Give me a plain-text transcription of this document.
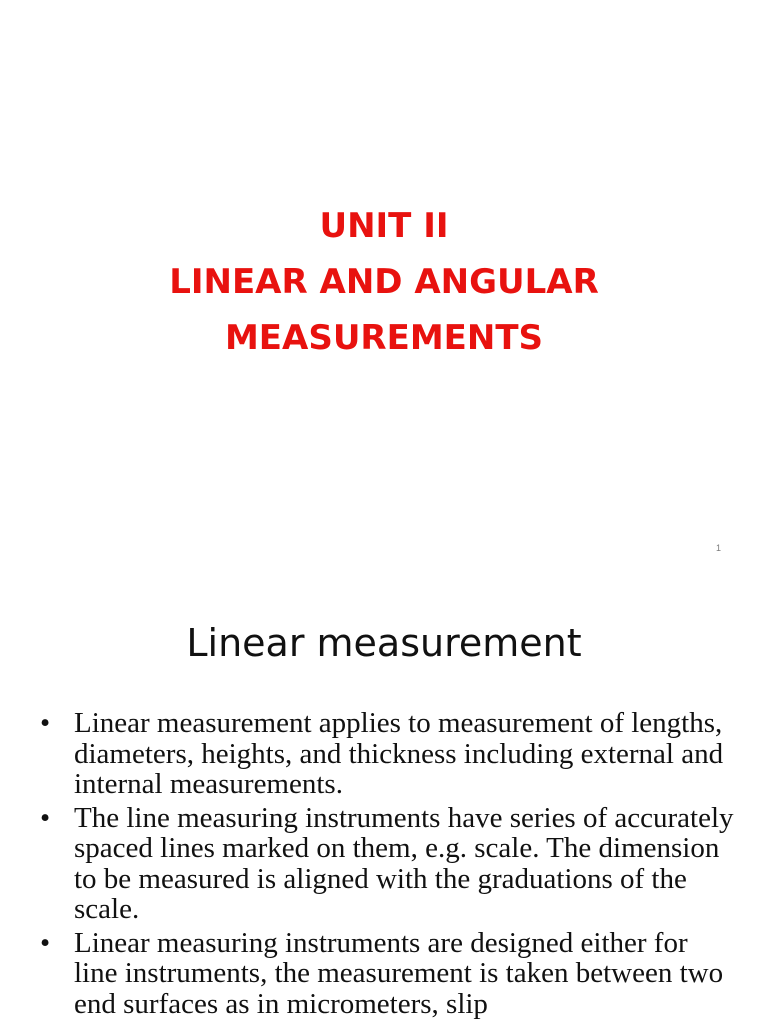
UNIT II
LINEAR AND ANGULAR
MEASUREMENTS
1
Linear measurement
• Linear measurement applies to measurement of lengths, diameters, heights, and thickness including external and internal measurements.
• The line measuring instruments have series of accurately spaced lines marked on them, e.g. scale. The dimension to be measured is aligned with the graduations of the scale.
• Linear measuring instruments are designed either for line instruments, the measurement is taken between two end surfaces as in micrometers, slip
